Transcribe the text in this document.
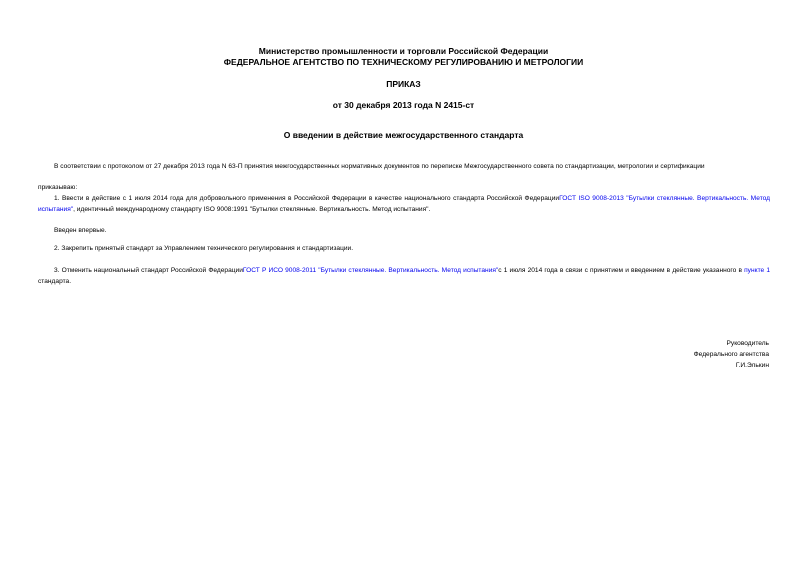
Министерство промышленности и торговли Российской Федерации
ФЕДЕРАЛЬНОЕ АГЕНТСТВО ПО ТЕХНИЧЕСКОМУ РЕГУЛИРОВАНИЮ И МЕТРОЛОГИИ
ПРИКАЗ
от 30 декабря 2013 года N 2415-ст
О введении в действие межгосударственного стандарта
В соответствии с протоколом от 27 декабря 2013 года N 63-П принятия межгосударственных нормативных документов по переписке Межгосударственного совета по стандартизации, метрологии и сертификации
приказываю:
1. Ввести в действие с 1 июля 2014 года для добровольного применения в Российской Федерации в качестве национального стандарта Российской ФедерацииГОСТ ISO 9008-2013 "Бутылки стеклянные. Вертикальность. Метод испытания", идентичный международному стандарту ISO 9008:1991 "Бутылки стеклянные. Вертикальность. Метод испытания".
Введен впервые.
2. Закрепить принятый стандарт за Управлением технического регулирования и стандартизации.
3. Отменить национальный стандарт Российской ФедерацииГОСТ Р ИСО 9008-2011 "Бутылки стеклянные. Вертикальность. Метод испытания"с 1 июля 2014 года в связи с принятием и введением в действие указанного в пункте 1 стандарта.
Руководитель
Федерального агентства
Г.И.Элькин
